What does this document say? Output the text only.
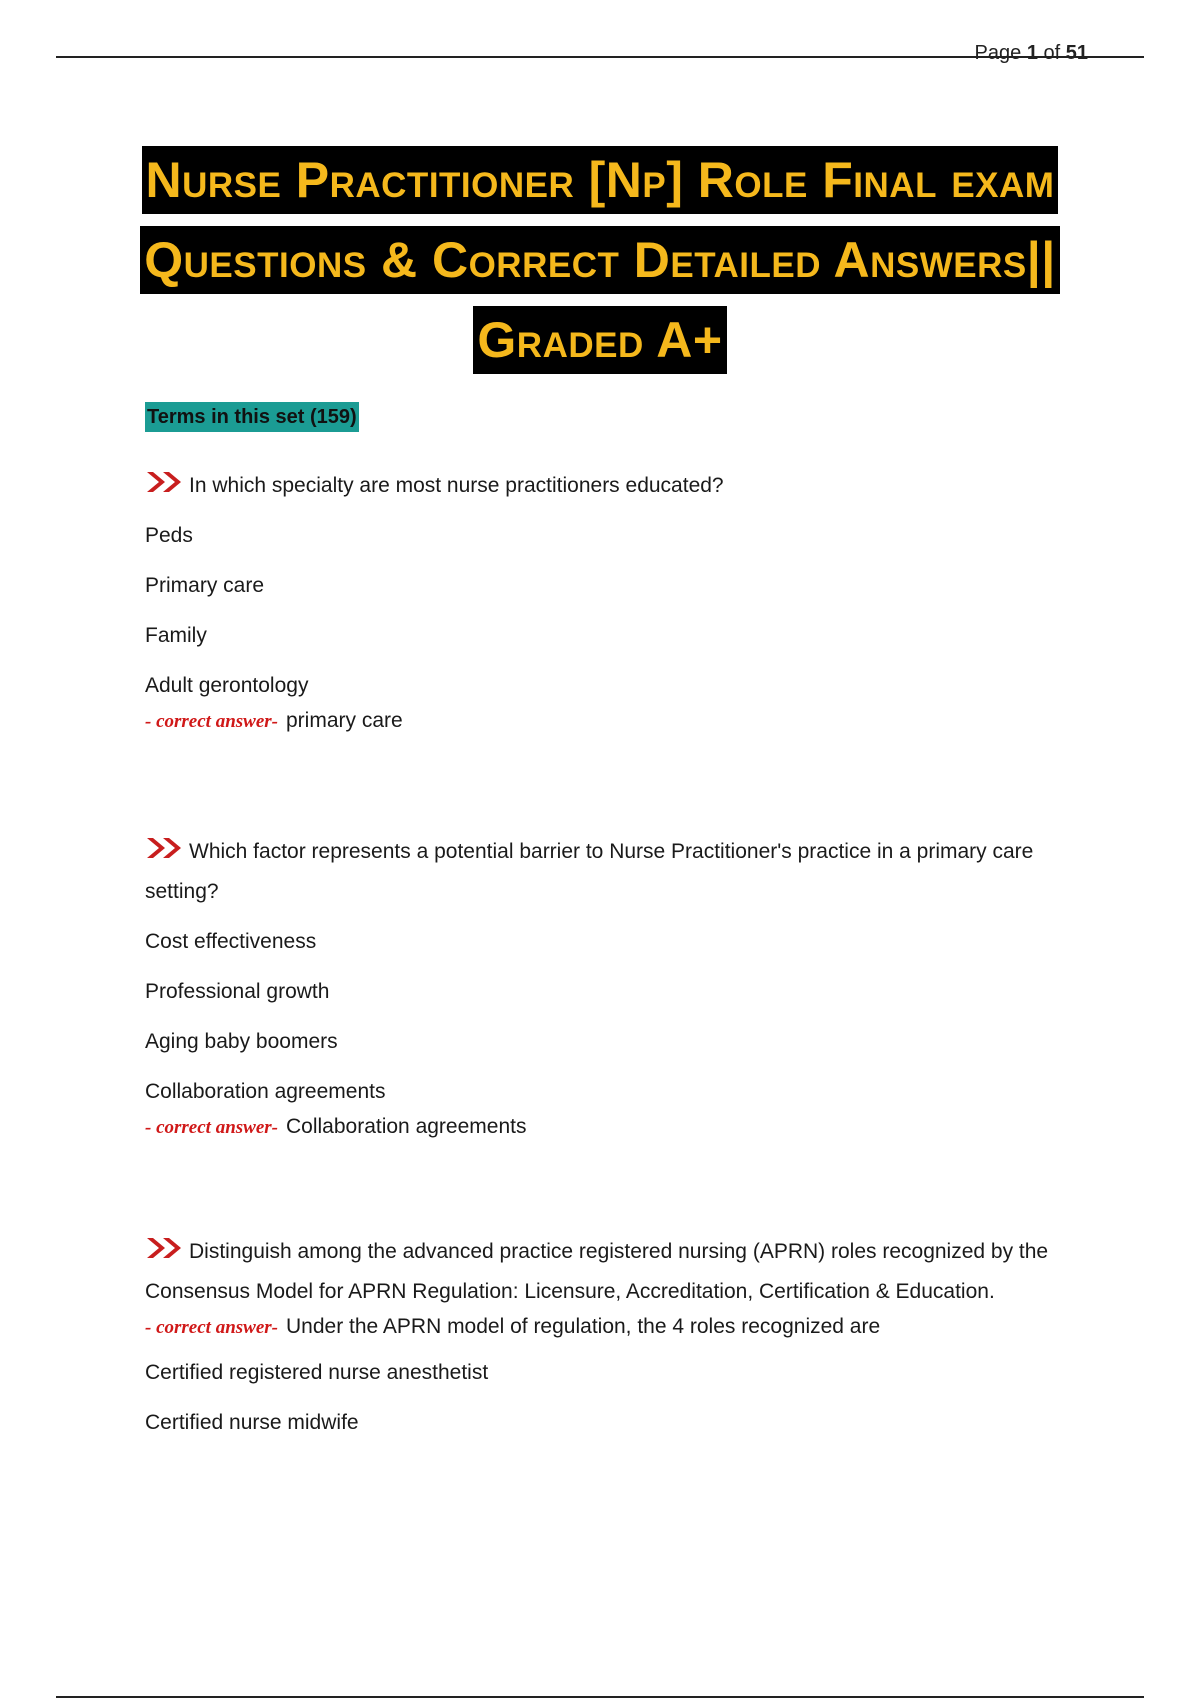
Page 1 of 51
Nurse Practitioner [Np] Role Final exam
Questions & Correct Detailed Answers||
Graded A+
Terms in this set (159)
In which specialty are most nurse practitioners educated?
Peds
Primary care
Family
Adult gerontology
- correct answer- primary care
Which factor represents a potential barrier to Nurse Practitioner's practice in a primary care setting?
Cost effectiveness
Professional growth
Aging baby boomers
Collaboration agreements
- correct answer- Collaboration agreements
Distinguish among the advanced practice registered nursing (APRN) roles recognized by the Consensus Model for APRN Regulation: Licensure, Accreditation, Certification & Education.
- correct answer- Under the APRN model of regulation, the 4 roles recognized are
Certified registered nurse anesthetist
Certified nurse midwife
